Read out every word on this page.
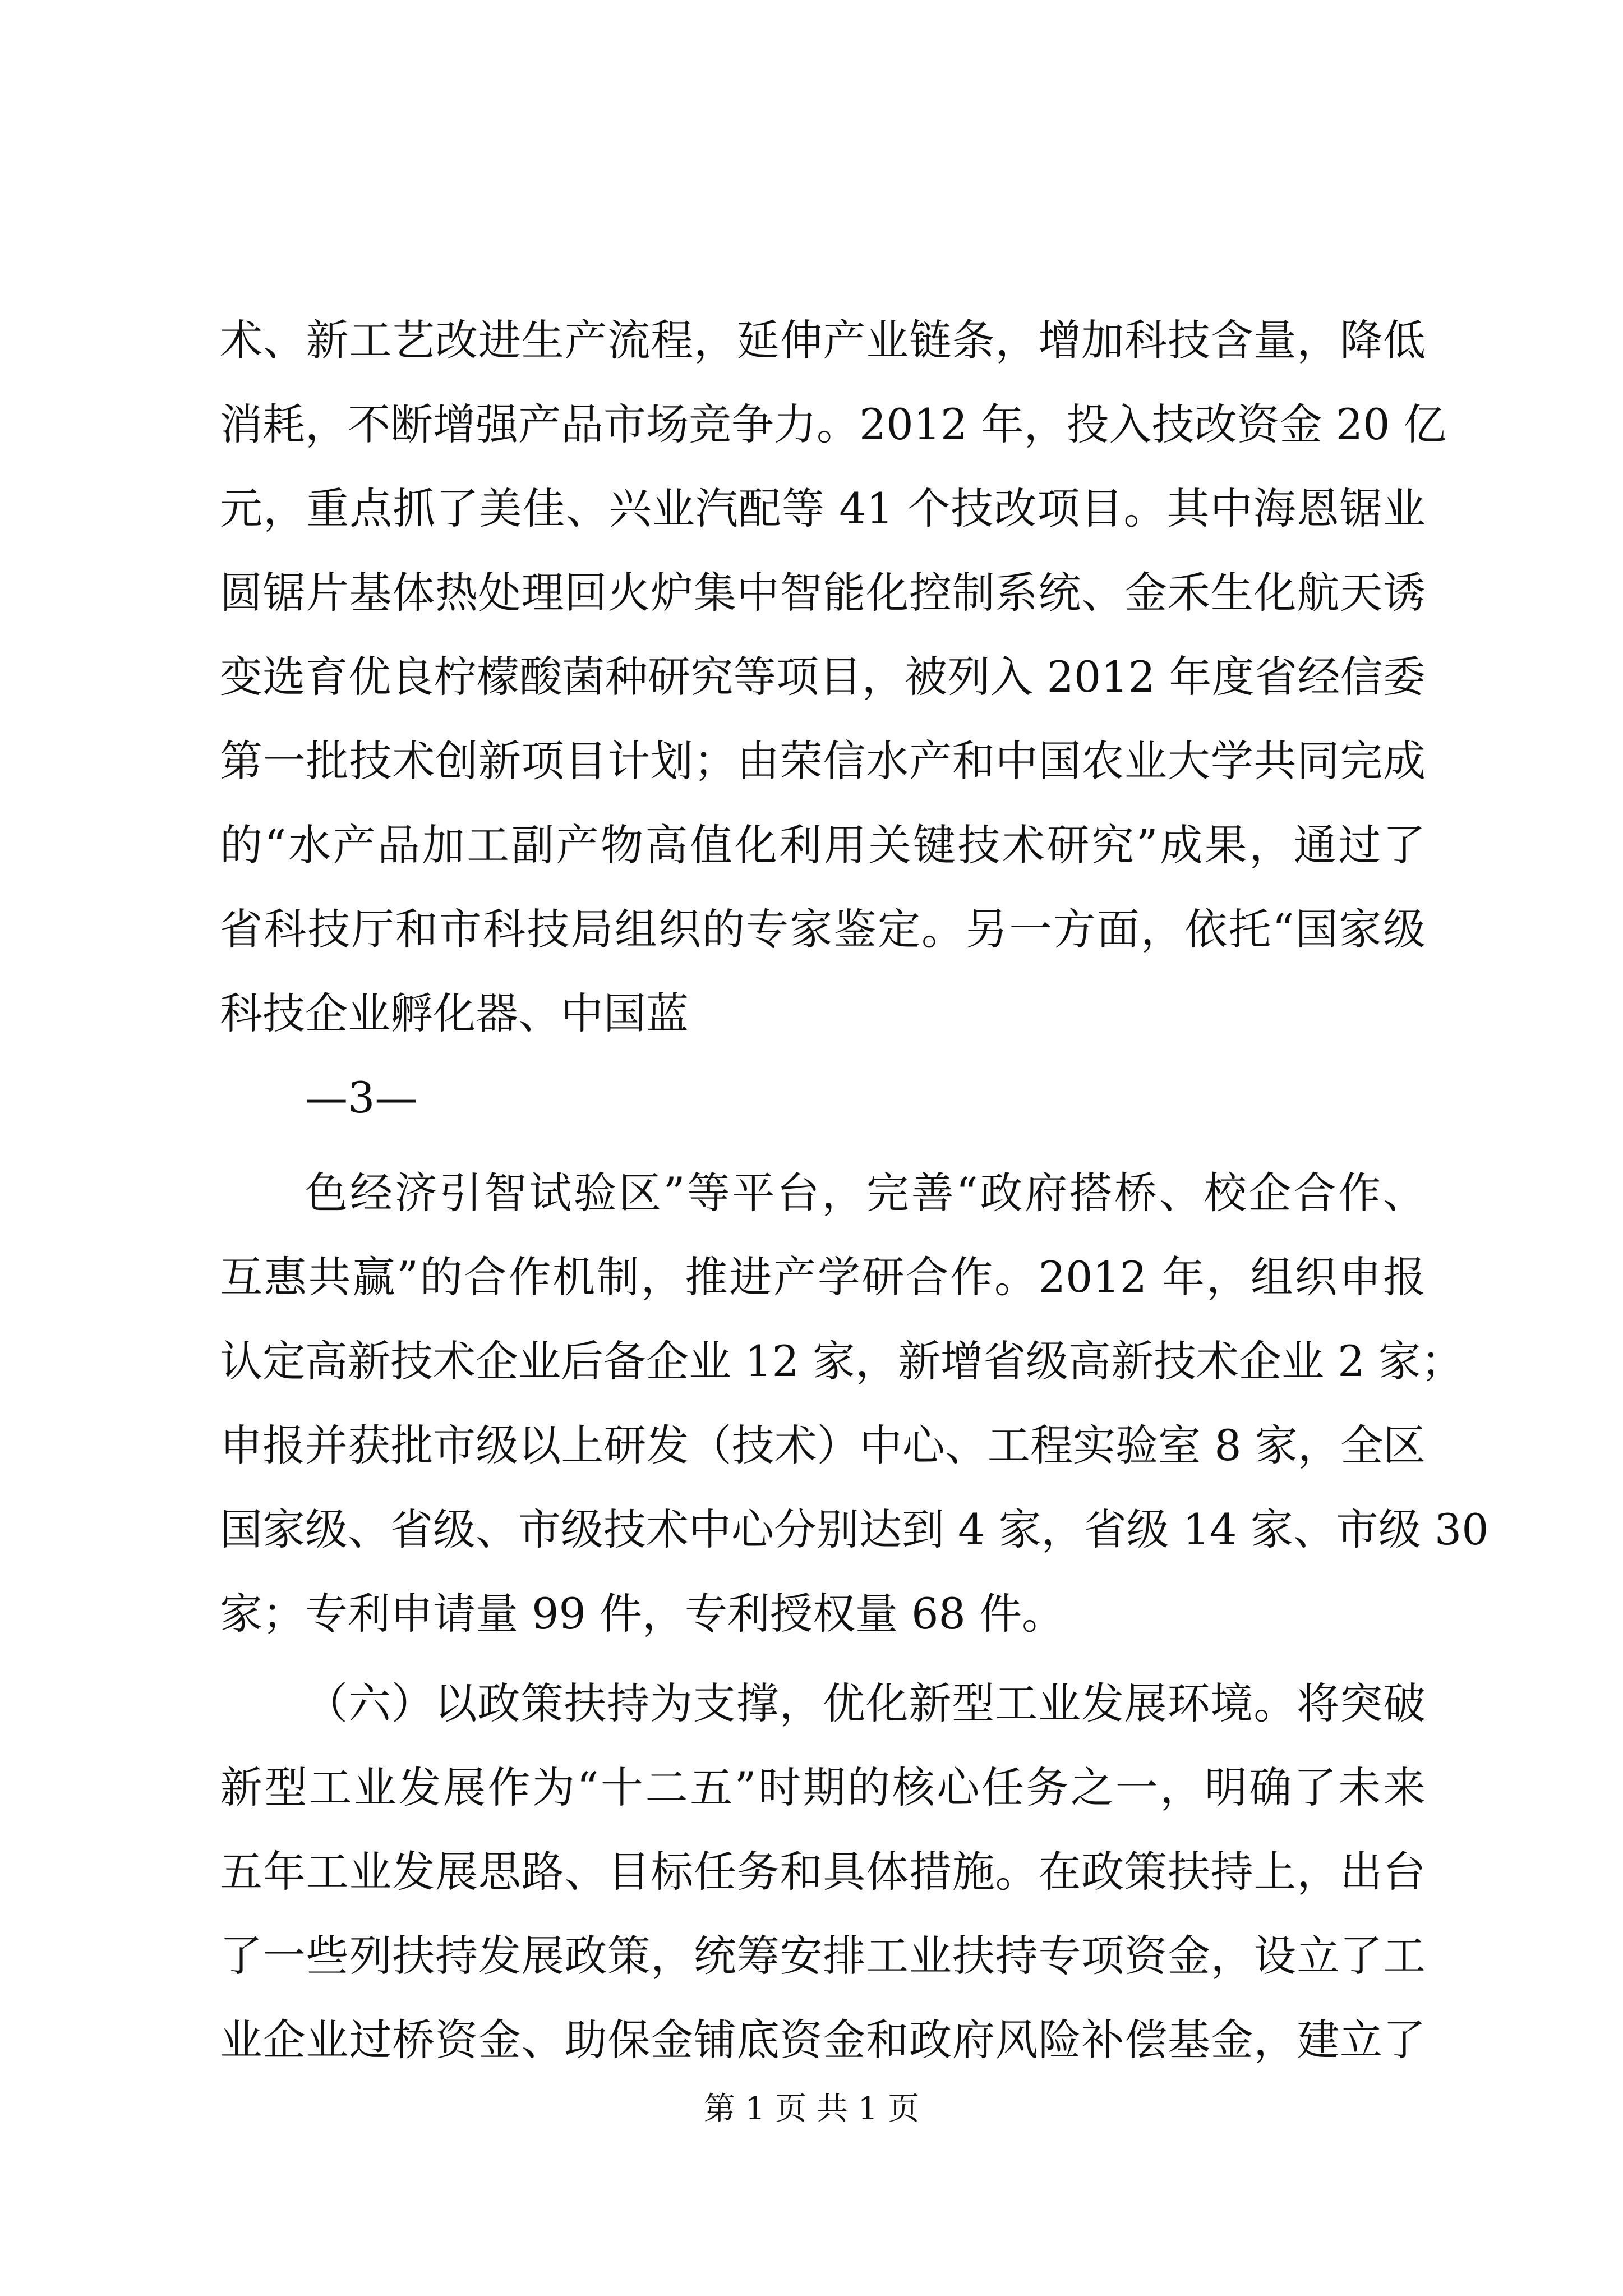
术、新工艺改进生产流程，延伸产业链条，增加科技含量，降低
消耗，不断增强产品市场竞争力。2012 年，投入技改资金 20 亿
元，重点抓了美佳、兴业汽配等 41 个技改项目。其中海恩锯业
圆锯片基体热处理回火炉集中智能化控制系统、金禾生化航天诱
变选育优良柠檬酸菌种研究等项目，被列入 2012 年度省经信委
第一批技术创新项目计划；由荣信水产和中国农业大学共同完成
的“水产品加工副产物高值化利用关键技术研究”成果，通过了
省科技厅和市科技局组织的专家鉴定。另一方面，依托“国家级
科技企业孵化器、中国蓝
—3—
色经济引智试验区”等平台，完善“政府搭桥、校企合作、
互惠共赢”的合作机制，推进产学研合作。2012 年，组织申报
认定高新技术企业后备企业 12 家，新增省级高新技术企业 2 家；
申报并获批市级以上研发（技术）中心、工程实验室 8 家，全区
国家级、省级、市级技术中心分别达到 4 家，省级 14 家、市级 30
家；专利申请量 99 件，专利授权量 68 件。
（六）以政策扶持为支撑，优化新型工业发展环境。将突破
新型工业发展作为“十二五”时期的核心任务之一，明确了未来
五年工业发展思路、目标任务和具体措施。在政策扶持上，出台
了一些列扶持发展政策，统筹安排工业扶持专项资金，设立了工
业企业过桥资金、助保金铺底资金和政府风险补偿基金，建立了
第 1 页 共 1 页
